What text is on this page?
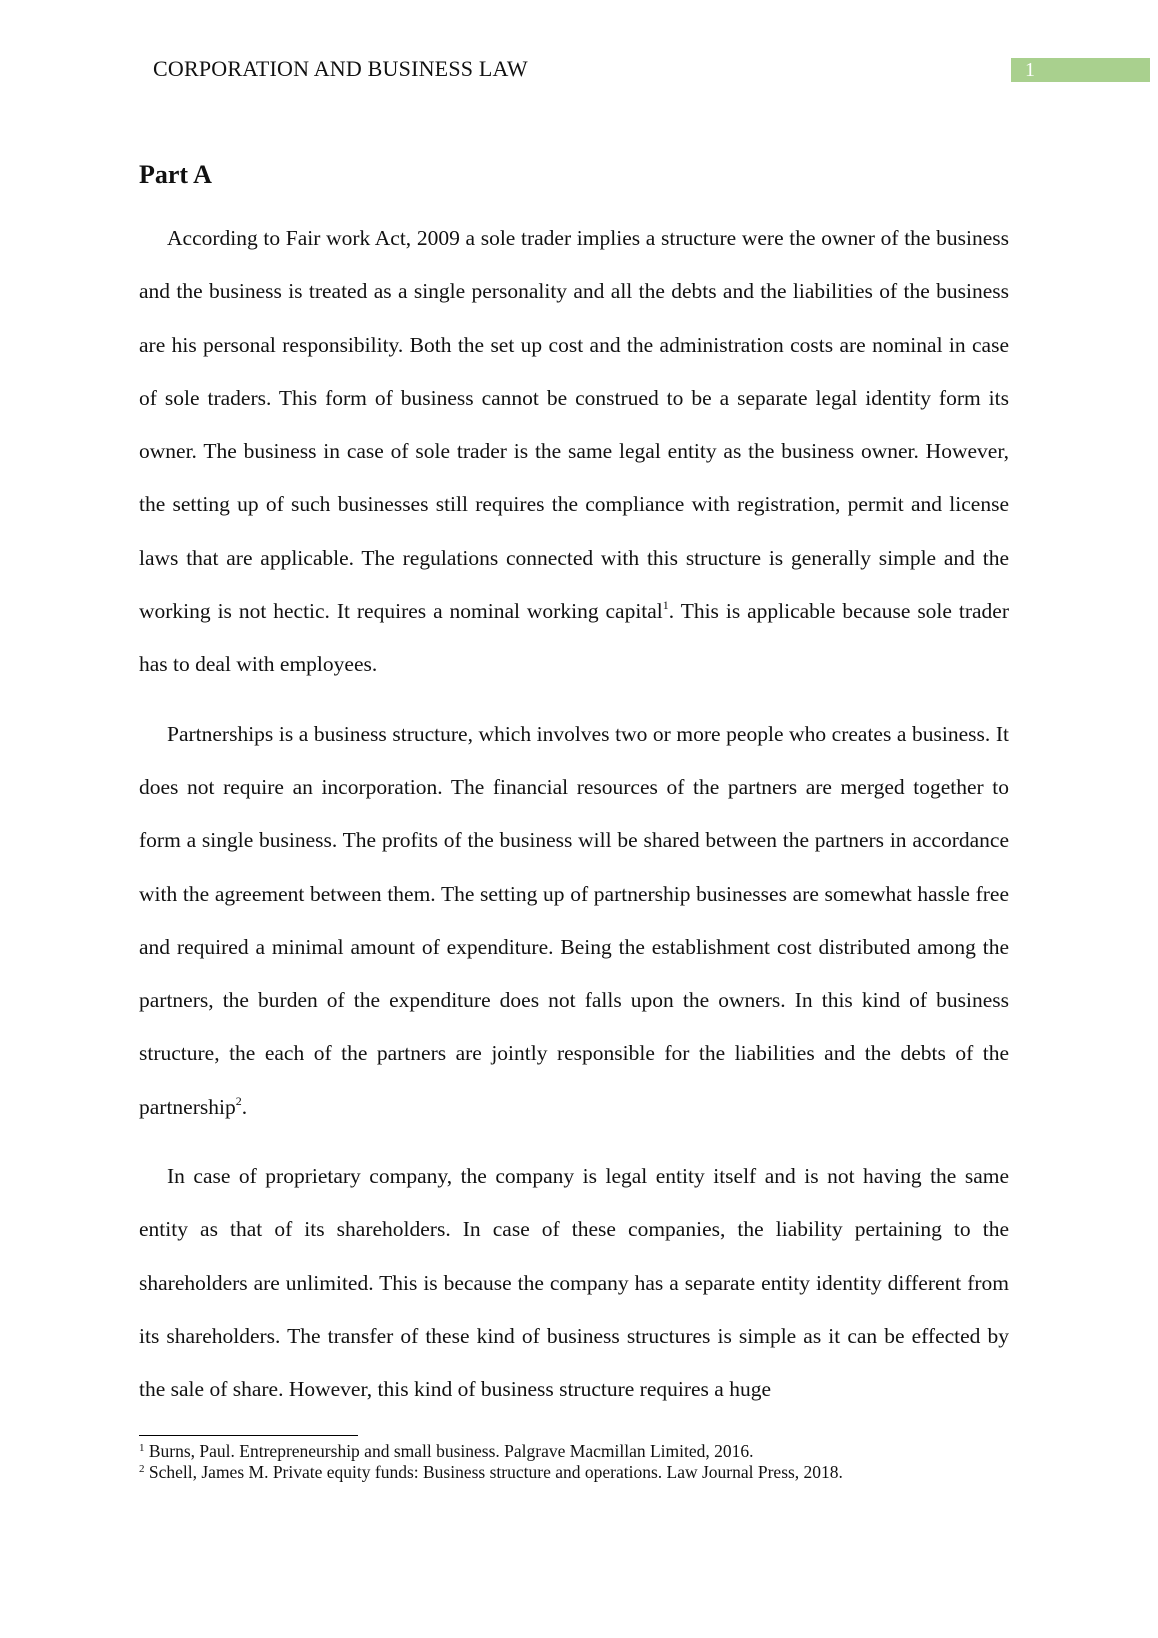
CORPORATION AND BUSINESS LAW	1
Part A

According to Fair work Act, 2009 a sole trader implies a structure were the owner of the business and the business is treated as a single personality and all the debts and the liabilities of the business are his personal responsibility. Both the set up cost and the administration costs are nominal in case of sole traders. This form of business cannot be construed to be a separate legal identity form its owner. The business in case of sole trader is the same legal entity as the business owner. However, the setting up of such businesses still requires the compliance with registration, permit and license laws that are applicable. The regulations connected with this structure is generally simple and the working is not hectic. It requires a nominal working capital$^1$. This is applicable because sole trader has to deal with employees.

Partnerships is a business structure, which involves two or more people who creates a business. It does not require an incorporation. The financial resources of the partners are merged together to form a single business. The profits of the business will be shared between the partners in accordance with the agreement between them. The setting up of partnership businesses are somewhat hassle free and required a minimal amount of expenditure. Being the establishment cost distributed among the partners, the burden of the expenditure does not falls upon the owners. In this kind of business structure, the each of the partners are jointly responsible for the liabilities and the debts of the partnership$^2$.

In case of proprietary company, the company is legal entity itself and is not having the same entity as that of its shareholders. In case of these companies, the liability pertaining to the shareholders are unlimited. This is because the company has a separate entity identity different from its shareholders. The transfer of these kind of business structures is simple as it can be effected by the sale of share. However, this kind of business structure requires a huge

$^1$ Burns, Paul. Entrepreneurship and small business. Palgrave Macmillan Limited, 2016.
$^2$ Schell, James M. Private equity funds: Business structure and operations. Law Journal Press, 2018.
